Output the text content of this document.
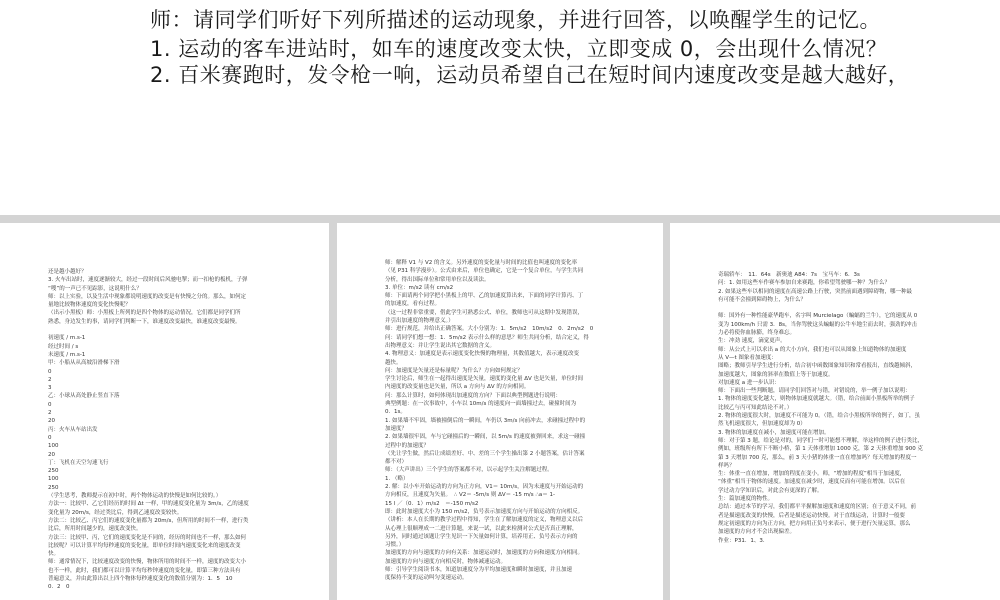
师：请同学们听好下列所描述的运动现象，并进行回答，以唤醒学生的记忆。
1. 运动的客车进站时，如车的速度改变太快，立即变成 0，会出现什么情况？
2. 百米赛跑时，发令枪一响，运动员希望自己在短时间内速度改变是越大越好，

还是越小越好？

3. 火车出站时，速度逐渐较大，经过一段时间后风驰电掣；而一扣枪的板机，子弹

“嗖”的一声已不见踪影，这说明什么？

师：以上实验，以及生活中现象都说明速度的改变是有快慢之分的。那么，如何定

量地比较物体速度的变化快慢呢？

（出示小黑板）师：小黑板上所列的是四个物体的运动情况，它们都是同学们所

熟悉，身边发生的事，请同学们判断一下，谁速度改变最快，谁速度改变最慢。

初速度 / m.s-1

经过时间 / s

末速度 / m.s-1

甲：小船从从高坡沿滑梯下滑

0

2

3

乙：小球从高处静止竖直下落

0

2

20

丙：火车从车站出发

0

100

20

丁：飞机在天空匀速飞行

250

100

250

（学生思考，教师提示在初中时，两个物体运动的快慢是如何比较的。）

方法一：比较甲、乙它们经历的时间 Δt 一样，甲的速度变化量为 3m/s，乙的速度

变化量为 20m/s，经过类比后，得到乙速度改变较快。

方法二：比较乙、丙它们的速度变化量都为 20m/s，但所用的时间不一样，进行类

比后，所用时间越少的，速度改变快。

方法三：比较甲、丙，它们的速度变化是不同的，经历的时间也不一样，那么如何

比较呢？可以计算平均每秒速度的变化量，即单位时间内速度变化来的速度改变

快。

师：通常情况下，比较速度改变的快慢，物体所用的时间不一样，速度的改变大小

也不一样，此时，我们都可以计算平均每秒钟速度的变化量，即第三种方法具有

普遍意义，并由此算出以上四个物体每秒速度变化的数值分别为：1．5　10

0．2　0

师：解释 V1 与 V2 的含义。另外速度的变化量与时间的比值也叫速度的变化率

（见 P31 科学漫步）。公式由来后，单位也确定，它是一个复合单位，与学生共同

分析，得出国际单位和常用单位以及读法。

3. 单位：m/s2 读有 cm/s2

师：下面请两个同学把小黑板上的甲、乙的加速度算出来，下面的同学计算丙、丁

的加速度，看有过程。

（这一过程非常重要，借此学生可熟悉公式、单位，教师也可从这期中发现错误，

并引出加速度的物理意义。）

师：进行规范，并给出正确答案。大小分别为：1．5m/s2　10m/s2　0．2m/s2　0

问：请同学们想一想：1．5m/s2 表示什么样的意思？师生共同分析，结合定义，得

出物理意义：并让学生说出其它数据的含义。

4. 物理意义：加速度是表示速度变化快慢的物理量，其数值越大，表示速度改变

越快。

问：加速度是矢量还是标量呢？为什么？方向如何规定？

学生讨论后，师生在一起得出速度是矢量，速度的变化量 ΔV 也是矢量，单位时间

内速度的改变量也是矢量，所以 a 方向与 ΔV 的方向相同。

问：那么计算时，如何体现出加速度的方向？下面以典型例题进行说明：

典型例题：在一次事故中，小车以 10m/s 的速度向一面墙撞过去，碰撞时间为

0．1s。

1. 如果墙不牢固，墙被撞倒后的一瞬间，车仍以 3m/s 向前冲去，求碰撞过程中的

加速度？

2. 如果墙很牢固，车与它碰撞后的一瞬间，以 5m/s 的速度被弹回来，求这一碰撞

过程中的加速度？

（先让学生做，然后让成绩差好、中、差的三个学生操出第 2 小题答案，估计答案

都不对）

师：（大声讲出）三个学生的答案都不对，以示起学生关注解题过程。

1. （略）

2. 解：以小车开始运动的方向为正方向，V1＝ 10m/s，因为未速度与开始运动的

方向相反，且速度为矢量。　∴ V2＝ -5m/s 则 ΔV＝ -15 m/s ∴a＝ 1-

15 l ／（0．1）m/s2　＝-150 m/s2

即：此时加速度大小为 150 m/s2，负号表示加速度方向与开始运动的方向相反。

（讲析：本人在长期的教学过程中得知，学生在了解加速度的定义，物理意义以后

从心理上很顺理成一二进计算题，来说一试，以此来检测对公式是否真正理解，

另外，同时通过该题让学生见识一下矢量如何计算，培养用正、负号表示方向的

习惯。）

加速度的方向与速度的方向有关系：加速运动时，加速度的方向和速度方向相同。

加速度的方向与速度方向相反时，物体减速运动。

师：引导学生阅读书本，知道加速度分为平均加速度和瞬时加速度，并且加速

度保持不变的运动叫匀变速运动。

奇瑞轿车：　11．64s　新奥迪 A84：7s　宝马车：6．3s

问：1. 如用这些车作赛车参加自来赛跑，你希望驾驶哪一种？为什么？

2. 如果这些车以相同的速度在高速公路上行驶，突然前面遇到障碍物，哪一种最

有可能不会撞到障碍物上，为什么？

师：国外有一种性能豪华跑车，名字叫 Murcielago（蝙蝠的兰牛），它的速度从 0

变为 100km/h 只需 3．8s，当你驾驶这头蝙蝠的公牛车地尘而去时，强劲的冲击

力必将使你血脉膨，终身难忘。

生：冲劲 速度，滴觉更声。

师：从公式上可以求出 a 的大小方向，我们也可以从图象上知道物体的加速度

从 V—t 图象看加速度：

图略；教师引导学生进行分析，结合初中函数图象知识和常看报出，直线越倾斜，

加速度越大，图象的斜率在数值上等于加速度。

对加速度 a 进一步认识：

师：下面出一些判断题，请同学们回答对与错，对错说的，举一例子加以说明：

1. 物体的速度变化越大，则物体加速度就越大。（错，给合前面小黑板所举的例子

比较乙与丙可知此结论不对。）

2. 物体的速度很大时，加速度不可能为 0。（错，给合小黑板所举的例子，如丁，虽

然飞机速度很大，但加速度却为 0）

3. 物体的加速度在减小，加速度可能在增加。

师：对于第 3 题，给论是对的，同学们一时可能想不理解，举这样的例子进行类比，

例如，班级所有所下不断小桥，第 1 天体重增加 1000 克，第 2 天体重增加 900 克

第 3 天增加 700 克，那么，前 3 天小猪的体重一直在增加吗？每天增加的程度一

样吗？

生：体重一直在增加，增加的程度在变小。师，“增加的程度”相当于加速度，

“体重”相当于物体的速度。加速度在减少时，速度反而有可能在增加。以后在

学过动力学知识后，对此会有更深的了解。

生：篇加速度的物性。

总结：通过本节的学习，我们都平平握解加速度和速度的区别；在于意义不同，前

者是描速度改变的快慢，后者是描述运动快慢。对于直线运动，计算时一般要

规定初速度的方向为正方向，把方向用正负号来表示，便于进行矢量运算，那么

加速度的方向才不会出现偏差。

作业：P31．1、3．
